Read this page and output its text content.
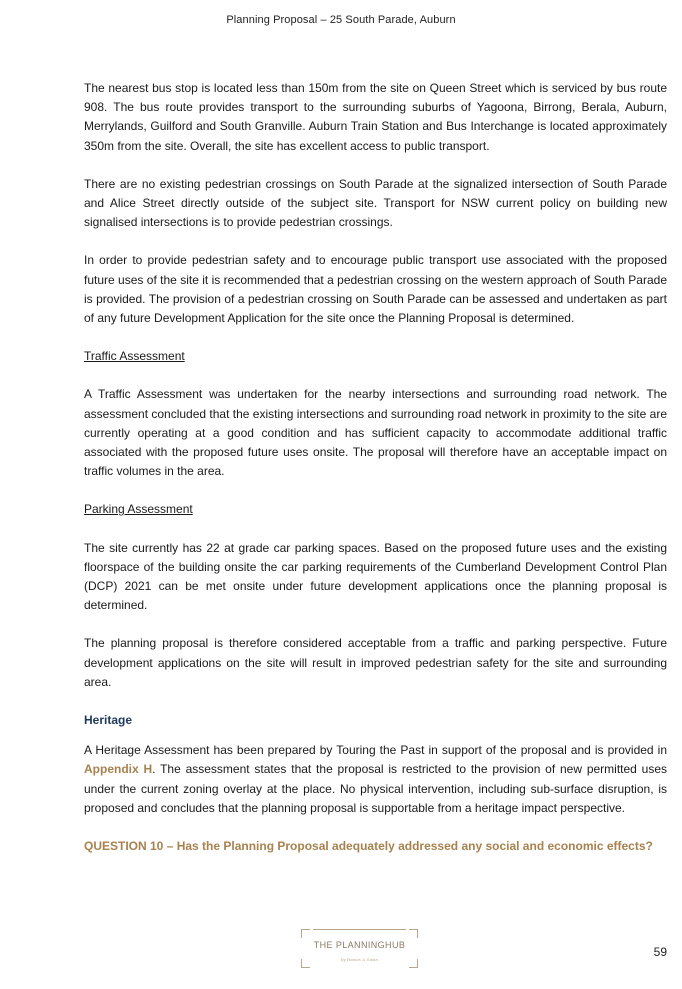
Planning Proposal – 25 South Parade, Auburn

The nearest bus stop is located less than 150m from the site on Queen Street which is serviced by bus route 908. The bus route provides transport to the surrounding suburbs of Yagoona, Birrong, Berala, Auburn, Merrylands, Guilford and South Granville. Auburn Train Station and Bus Interchange is located approximately 350m from the site. Overall, the site has excellent access to public transport.

There are no existing pedestrian crossings on South Parade at the signalized intersection of South Parade and Alice Street directly outside of the subject site. Transport for NSW current policy on building new signalised intersections is to provide pedestrian crossings.

In order to provide pedestrian safety and to encourage public transport use associated with the proposed future uses of the site it is recommended that a pedestrian crossing on the western approach of South Parade is provided. The provision of a pedestrian crossing on South Parade can be assessed and undertaken as part of any future Development Application for the site once the Planning Proposal is determined.

Traffic Assessment

A Traffic Assessment was undertaken for the nearby intersections and surrounding road network. The assessment concluded that the existing intersections and surrounding road network in proximity to the site are currently operating at a good condition and has sufficient capacity to accommodate additional traffic associated with the proposed future uses onsite. The proposal will therefore have an acceptable impact on traffic volumes in the area.

Parking Assessment

The site currently has 22 at grade car parking spaces. Based on the proposed future uses and the existing floorspace of the building onsite the car parking requirements of the Cumberland Development Control Plan (DCP) 2021 can be met onsite under future development applications once the planning proposal is determined.

The planning proposal is therefore considered acceptable from a traffic and parking perspective. Future development applications on the site will result in improved pedestrian safety for the site and surrounding area.

Heritage

A Heritage Assessment has been prepared by Touring the Past in support of the proposal and is provided in Appendix H. The assessment states that the proposal is restricted to the provision of new permitted uses under the current zoning overlay at the place. No physical intervention, including sub-surface disruption, is proposed and concludes that the planning proposal is supportable from a heritage impact perspective.

QUESTION 10 – Has the Planning Proposal adequately addressed any social and economic effects?
THE PLANNINGHUB
by Hawes & Swan
59
